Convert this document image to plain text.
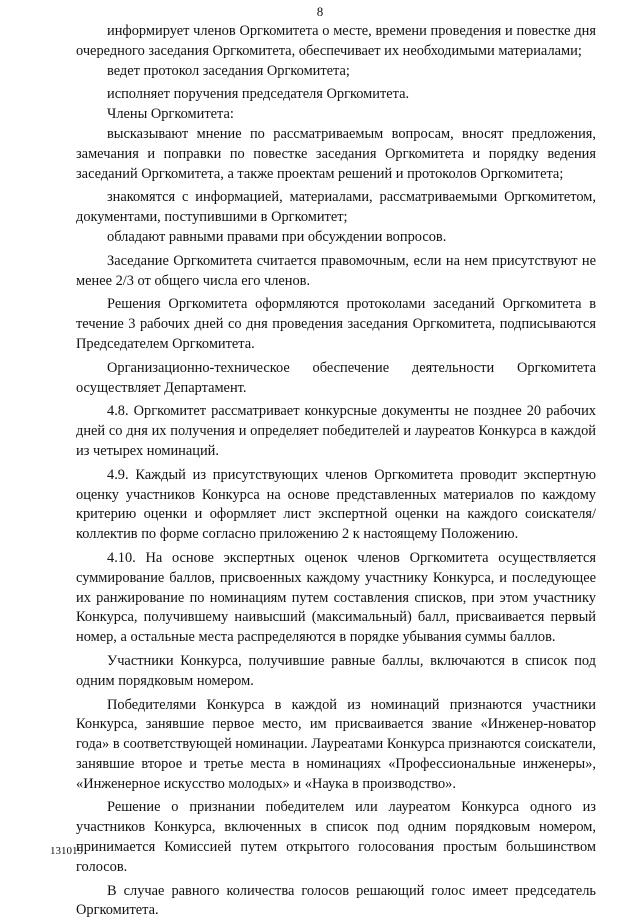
8

информирует членов Оргкомитета о месте, времени проведения и повестке дня очередного заседания Оргкомитета, обеспечивает их необходимыми материалами;

ведет протокол заседания Оргкомитета;

исполняет поручения председателя Оргкомитета.

Члены Оргкомитета:

высказывают мнение по рассматриваемым вопросам, вносят предложения, замечания и поправки по повестке заседания Оргкомитета и порядку ведения заседаний Оргкомитета, а также проектам решений и протоколов Оргкомитета;

знакомятся с информацией, материалами, рассматриваемыми Оргкомитетом, документами, поступившими в Оргкомитет;

обладают равными правами при обсуждении вопросов.

Заседание Оргкомитета считается правомочным, если на нем присутствуют не менее 2/3 от общего числа его членов.

Решения Оргкомитета оформляются протоколами заседаний Оргкомитета в течение 3 рабочих дней со дня проведения заседания Оргкомитета, подписываются Председателем Оргкомитета.

Организационно-техническое обеспечение деятельности Оргкомитета осуществляет Департамент.

4.8. Оргкомитет рассматривает конкурсные документы не позднее 20 рабочих дней со дня их получения и определяет победителей и лауреатов Конкурса в каждой из четырех номинаций.

4.9. Каждый из присутствующих членов Оргкомитета проводит экспертную оценку участников Конкурса на основе представленных материалов по каждому критерию оценки и оформляет лист экспертной оценки на каждого соискателя/коллектив по форме согласно приложению 2 к настоящему Положению.

4.10. На основе экспертных оценок членов Оргкомитета осуществляется суммирование баллов, присвоенных каждому участнику Конкурса, и последующее их ранжирование по номинациям путем составления списков, при этом участнику Конкурса, получившему наивысший (максимальный) балл, присваивается первый номер, а остальные места распределяются в порядке убывания суммы баллов.

Участники Конкурса, получившие равные баллы, включаются в список под одним порядковым номером.

Победителями Конкурса в каждой из номинаций признаются участники Конкурса, занявшие первое место, им присваивается звание «Инженер-новатор года» в соответствующей номинации. Лауреатами Конкурса признаются соискатели, занявшие второе и третье места в номинациях «Профессиональные инженеры», «Инженерное искусство молодых» и «Наука в производство».

Решение о признании победителем или лауреатом Конкурса одного из участников Конкурса, включенных в список под одним порядковым номером, принимается Комиссией путем открытого голосования простым большинством голосов.

В случае равного количества голосов решающий голос имеет председатель Оргкомитета.

131019
